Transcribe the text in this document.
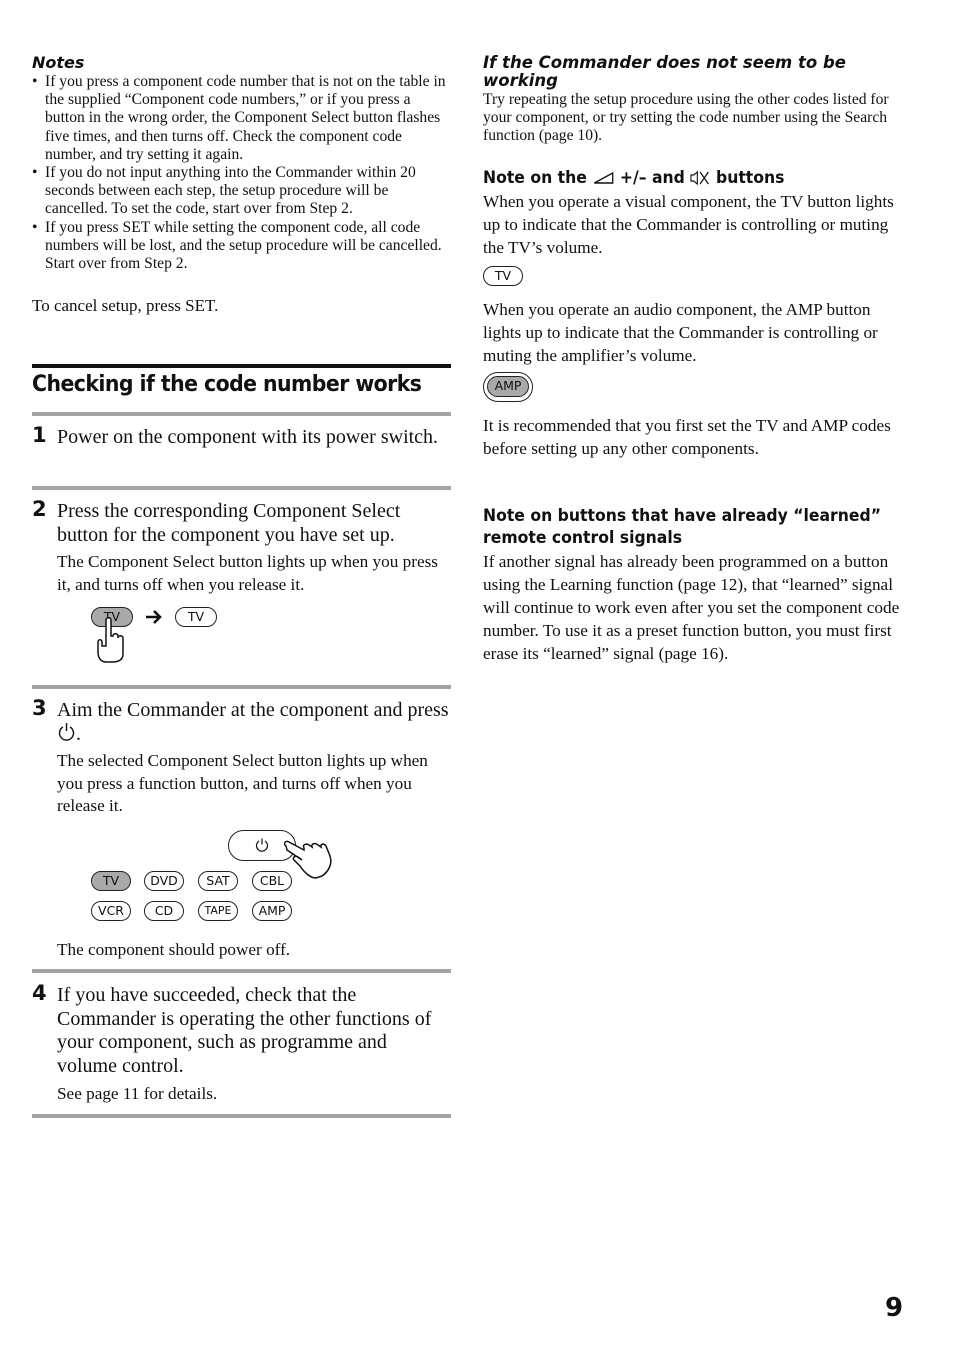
Notes
• If you press a component code number that is not on the table in the supplied “Component code numbers,” or if you press a button in the wrong order, the Component Select button flashes five times, and then turns off. Check the component code number, and try setting it again.
• If you do not input anything into the Commander within 20 seconds between each step, the setup procedure will be cancelled. To set the code, start over from Step 2.
• If you press SET while setting the component code, all code numbers will be lost, and the setup procedure will be cancelled. Start over from Step 2.
To cancel setup, press SET.
Checking if the code number works
1 Power on the component with its power switch.
2 Press the corresponding Component Select button for the component you have set up.
The Component Select button lights up when you press it, and turns off when you release it.
TV	TV
3 Aim the Commander at the component and press .
The selected Component Select button lights up when you press a function button, and turns off when you release it.
TV	DVD	SAT	CBL
VCR	CD	TAPE	AMP
The component should power off.
4 If you have succeeded, check that the Commander is operating the other functions of your component, such as programme and volume control.
See page 11 for details.
If the Commander does not seem to be
working
Try repeating the setup procedure using the other codes listed for your component, or try setting the code number using the Search function (page 10).
Note on the +/– and buttons
When you operate a visual component, the TV button lights up to indicate that the Commander is controlling or muting the TV’s volume.
TV
When you operate an audio component, the AMP button lights up to indicate that the Commander is controlling or muting the amplifier’s volume.
AMP
It is recommended that you first set the TV and AMP codes before setting up any other components.
Note on buttons that have already “learned”
remote control signals
If another signal has already been programmed on a button using the Learning function (page 12), that “learned” signal will continue to work even after you set the component code number. To use it as a preset function button, you must first erase its “learned” signal (page 16).
9
